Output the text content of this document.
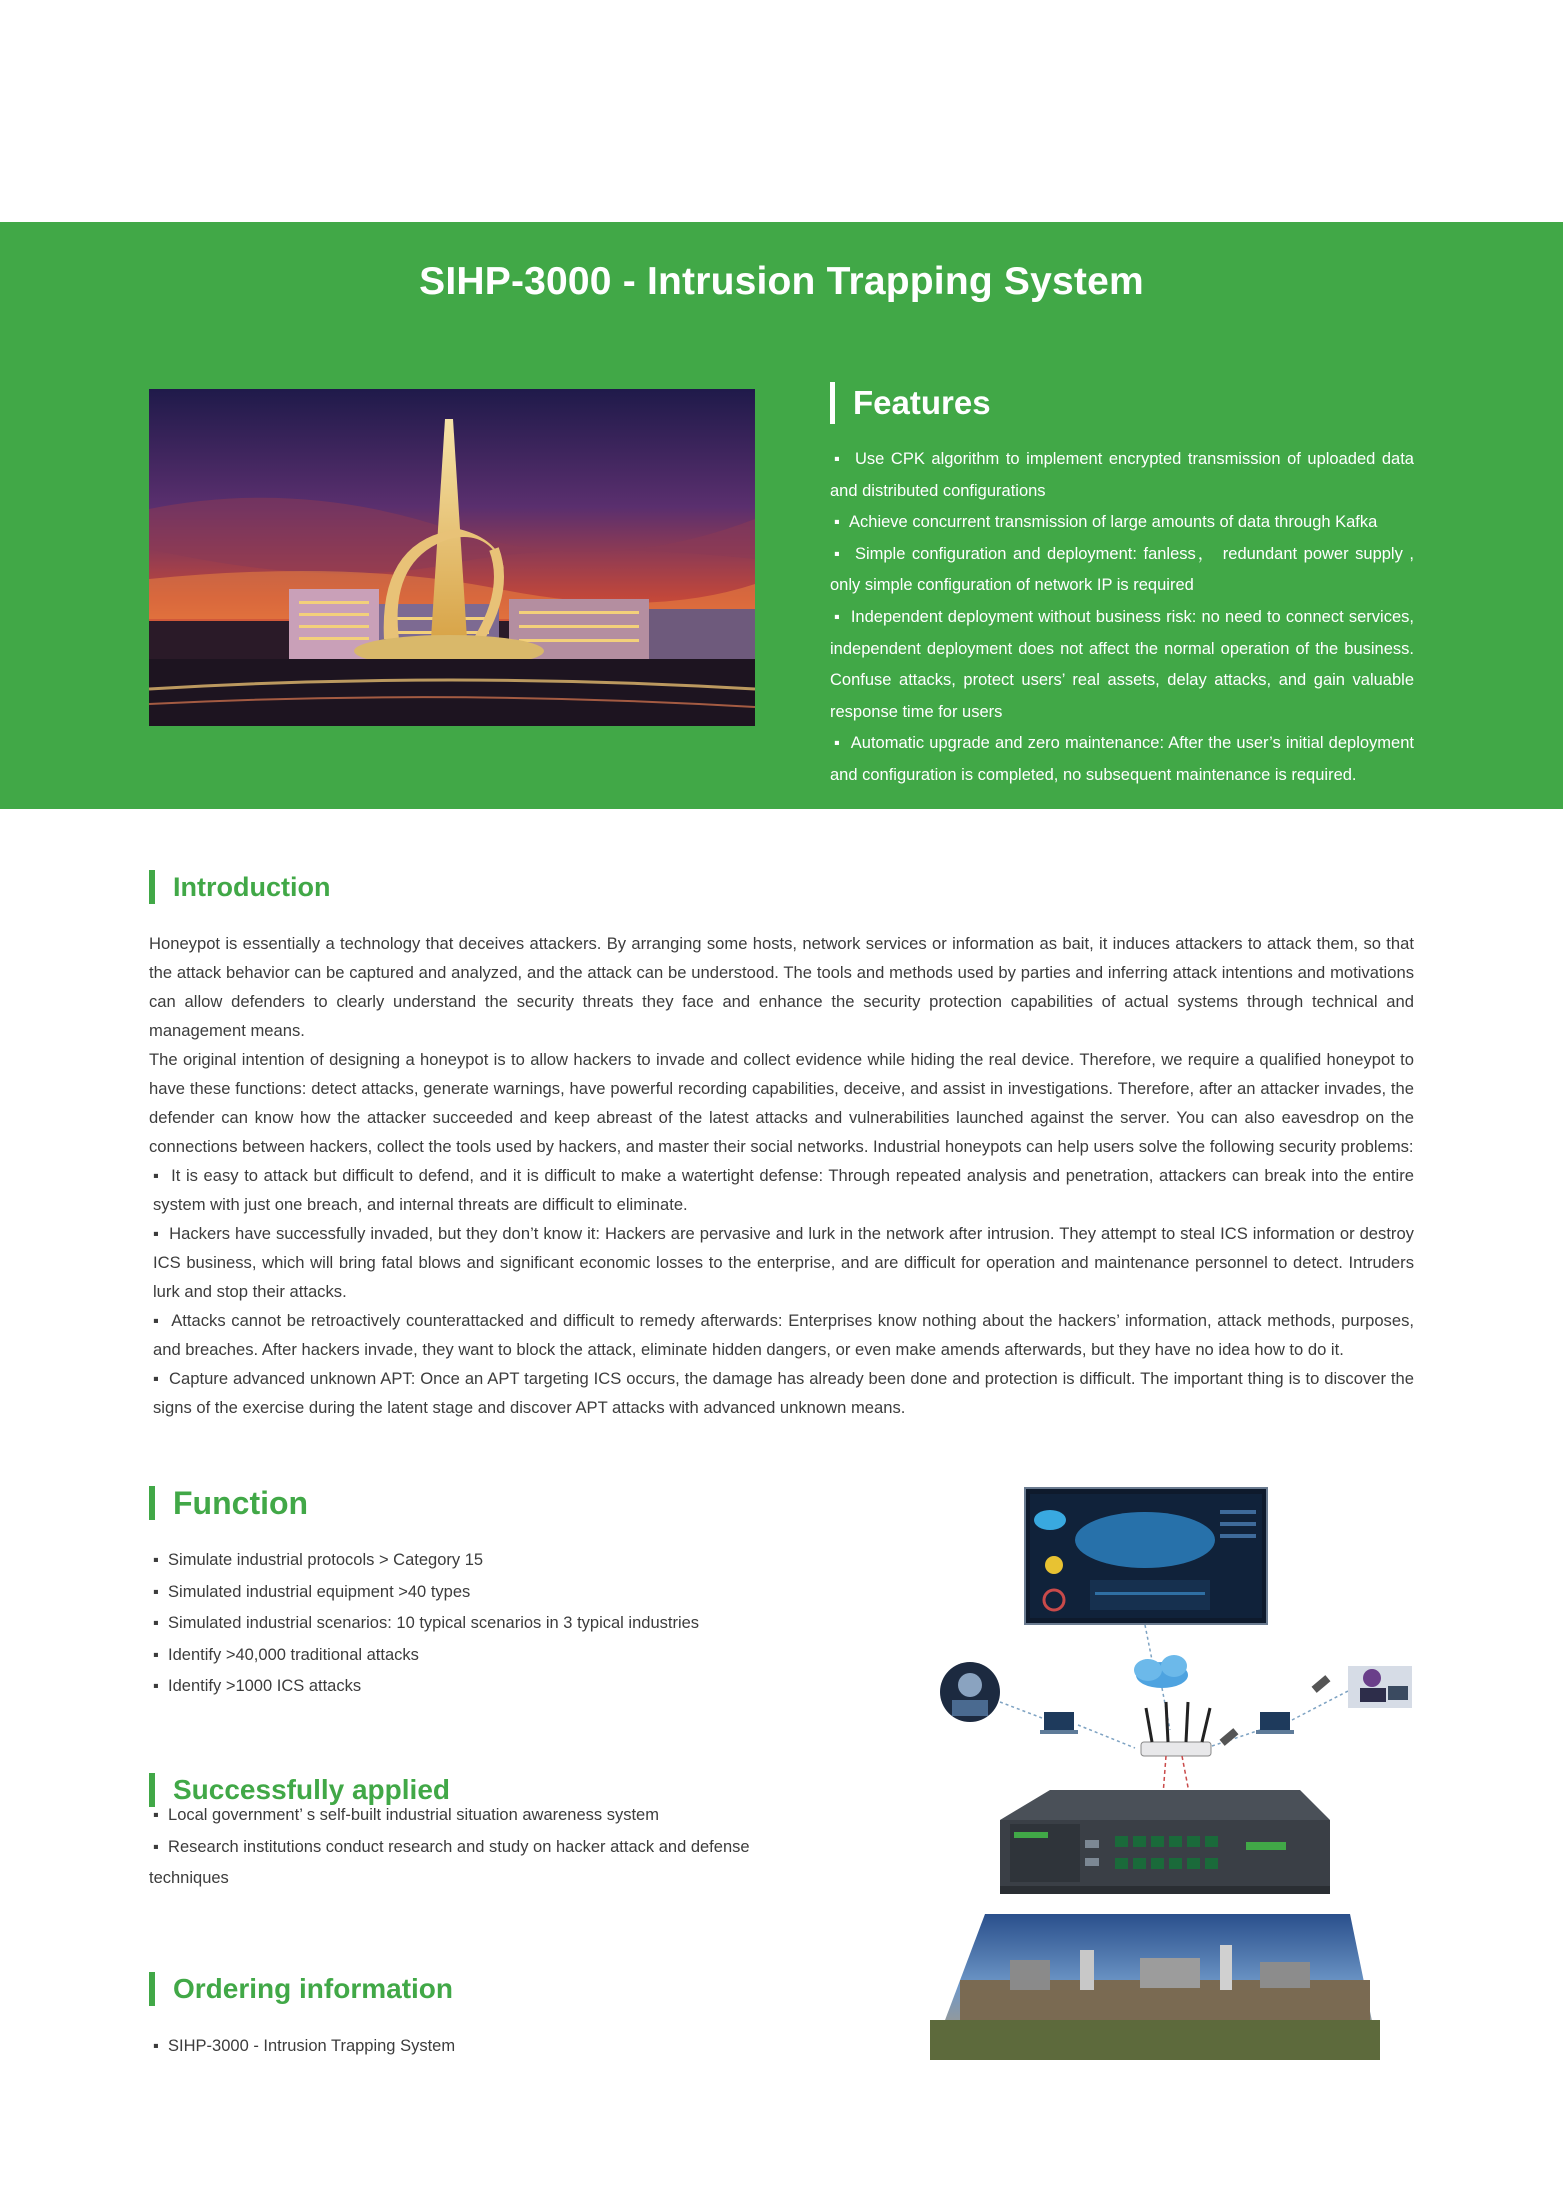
SIHP-3000 - Intrusion Trapping System
Features
▪  Use CPK algorithm to implement encrypted transmission of uploaded data and distributed configurations
▪  Achieve concurrent transmission of large amounts of data through Kafka
▪  Simple configuration and deployment: fanless， redundant power supply , only simple configuration of network IP is required
▪  Independent deployment without business risk: no need to connect services, independent deployment does not affect the normal operation of the business. Confuse attacks, protect users’ real assets, delay attacks, and gain valuable response time for users
▪  Automatic upgrade and zero maintenance: After the user’s initial deployment and configuration is completed, no subsequent maintenance is required.
Introduction

Honeypot is essentially a technology that deceives attackers. By arranging some hosts, network services or information as bait, it induces attackers to attack them, so that the attack behavior can be captured and analyzed, and the attack can be understood. The tools and methods used by parties and inferring attack intentions and motivations can allow defenders to clearly understand the security threats they face and enhance the security protection capabilities of actual systems through technical and management means.

The original intention of designing a honeypot is to allow hackers to invade and collect evidence while hiding the real device. Therefore, we require a qualified honeypot to have these functions: detect attacks, generate warnings, have powerful recording capabilities, deceive, and assist in investigations. Therefore, after an attacker invades, the defender can know how the attacker succeeded and keep abreast of the latest attacks and vulnerabilities launched against the server. You can also eavesdrop on the connections between hackers, collect the tools used by hackers, and master their social networks. Industrial honeypots can help users solve the following security problems:

▪  It is easy to attack but difficult to defend, and it is difficult to make a watertight defense: Through repeated analysis and penetration, attackers can break into the entire system with just one breach, and internal threats are difficult to eliminate.

▪  Hackers have successfully invaded, but they don’t know it: Hackers are pervasive and lurk in the network after intrusion. They attempt to steal ICS information or destroy ICS business, which will bring fatal blows and significant economic losses to the enterprise, and are difficult for operation and maintenance personnel to detect. Intruders lurk and stop their attacks.

▪  Attacks cannot be retroactively counterattacked and difficult to remedy afterwards: Enterprises know nothing about the hackers’ information, attack methods, purposes, and breaches. After hackers invade, they want to block the attack, eliminate hidden dangers, or even make amends afterwards, but they have no idea how to do it.

▪  Capture advanced unknown APT: Once an APT targeting ICS occurs, the damage has already been done and protection is difficult. The important thing is to discover the signs of the exercise during the latent stage and discover APT attacks with advanced unknown means.

Function
▪  Simulate industrial protocols > Category 15
▪  Simulated industrial equipment >40 types
▪  Simulated industrial scenarios: 10 typical scenarios in 3 typical industries
▪  Identify >40,000 traditional attacks
▪  Identify >1000 ICS attacks
Successfully applied
▪  Local government’ s self-built industrial situation awareness system
▪  Research institutions conduct research and study on hacker attack and defense techniques
Ordering information
▪  SIHP-3000 - Intrusion Trapping System
